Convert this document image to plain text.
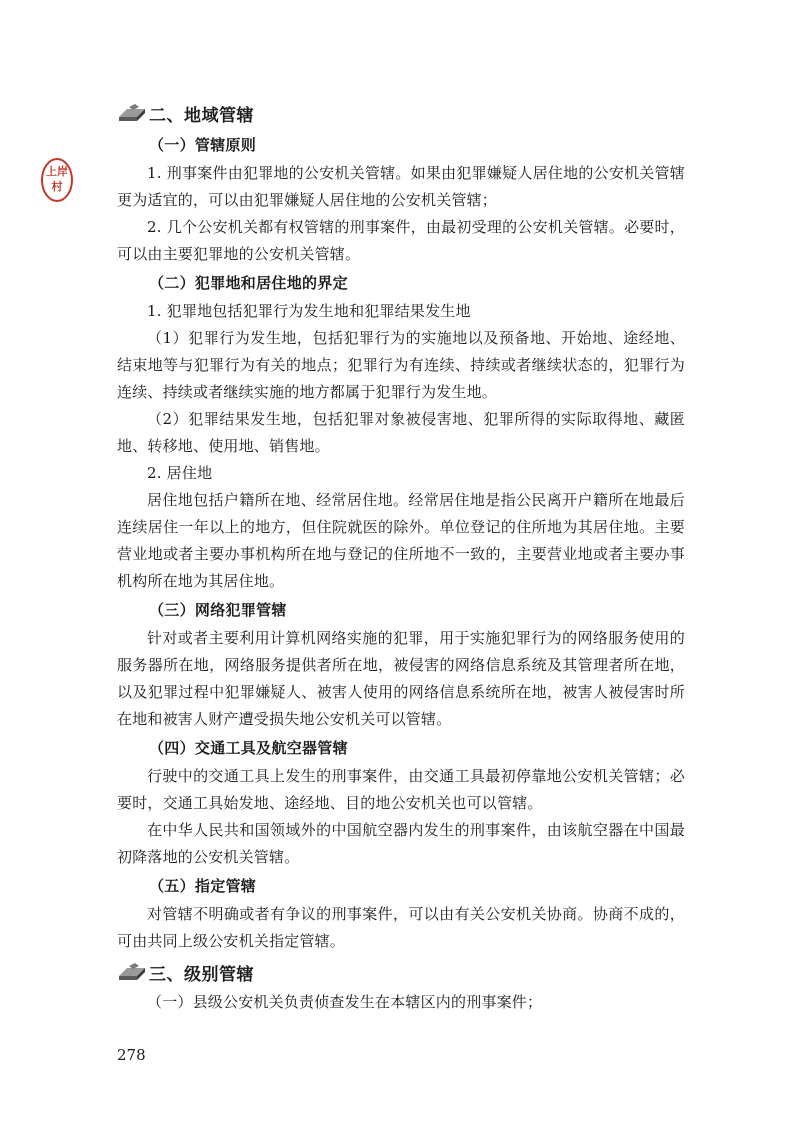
上岸
村
二、地域管辖
（一）管辖原则

1. 刑事案件由犯罪地的公安机关管辖。如果由犯罪嫌疑人居住地的公安机关管辖更为适宜的，可以由犯罪嫌疑人居住地的公安机关管辖；

2. 几个公安机关都有权管辖的刑事案件，由最初受理的公安机关管辖。必要时，可以由主要犯罪地的公安机关管辖。

（二）犯罪地和居住地的界定

1. 犯罪地包括犯罪行为发生地和犯罪结果发生地

（1）犯罪行为发生地，包括犯罪行为的实施地以及预备地、开始地、途经地、结束地等与犯罪行为有关的地点；犯罪行为有连续、持续或者继续状态的，犯罪行为连续、持续或者继续实施的地方都属于犯罪行为发生地。

（2）犯罪结果发生地，包括犯罪对象被侵害地、犯罪所得的实际取得地、藏匿地、转移地、使用地、销售地。

2. 居住地

居住地包括户籍所在地、经常居住地。经常居住地是指公民离开户籍所在地最后连续居住一年以上的地方，但住院就医的除外。单位登记的住所地为其居住地。主要营业地或者主要办事机构所在地与登记的住所地不一致的，主要营业地或者主要办事机构所在地为其居住地。

（三）网络犯罪管辖

针对或者主要利用计算机网络实施的犯罪，用于实施犯罪行为的网络服务使用的服务器所在地，网络服务提供者所在地，被侵害的网络信息系统及其管理者所在地，以及犯罪过程中犯罪嫌疑人、被害人使用的网络信息系统所在地，被害人被侵害时所在地和被害人财产遭受损失地公安机关可以管辖。

（四）交通工具及航空器管辖

行驶中的交通工具上发生的刑事案件，由交通工具最初停靠地公安机关管辖；必要时，交通工具始发地、途经地、目的地公安机关也可以管辖。

在中华人民共和国领域外的中国航空器内发生的刑事案件，由该航空器在中国最初降落地的公安机关管辖。

（五）指定管辖

对管辖不明确或者有争议的刑事案件，可以由有关公安机关协商。协商不成的，可由共同上级公安机关指定管辖。

三、级别管辖

（一）县级公安机关负责侦查发生在本辖区内的刑事案件；

278
